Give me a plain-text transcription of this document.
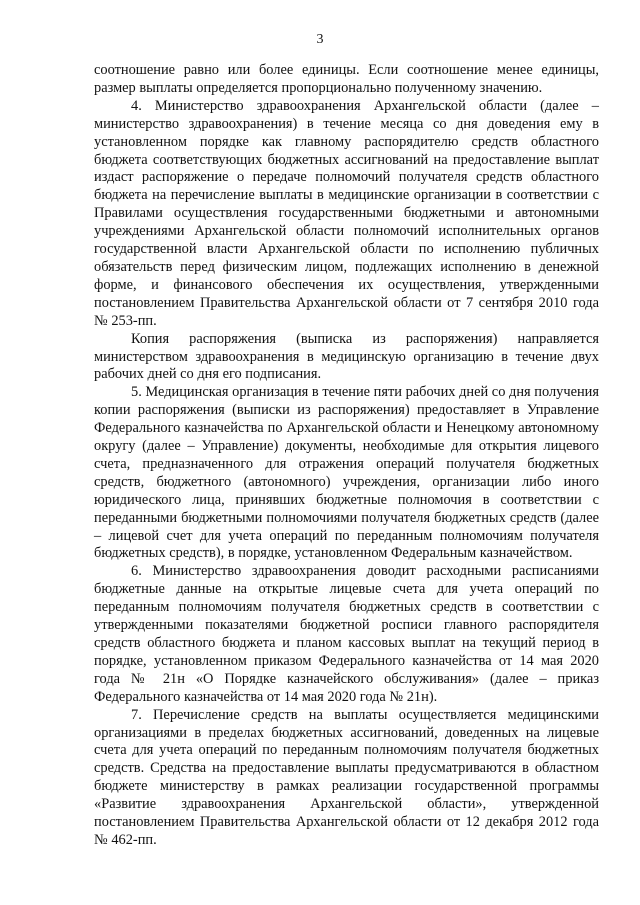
3

соотношение равно или более единицы. Если соотношение менее единицы, размер выплаты определяется пропорционально полученному значению.

4. Министерство здравоохранения Архангельской области (далее – министерство здравоохранения) в течение месяца со дня доведения ему в установленном порядке как главному распорядителю средств областного бюджета соответствующих бюджетных ассигнований на предоставление выплат издаст распоряжение о передаче полномочий получателя средств областного бюджета на перечисление выплаты в медицинские организации в соответствии с Правилами осуществления государственными бюджетными и автономными учреждениями Архангельской области полномочий исполнительных органов государственной власти Архангельской области по исполнению публичных обязательств перед физическим лицом, подлежащих исполнению в денежной форме, и финансового обеспечения их осуществления, утвержденными постановлением Правительства Архангельской области от 7 сентября 2010 года № 253-пп.

Копия распоряжения (выписка из распоряжения) направляется министерством здравоохранения в медицинскую организацию в течение двух рабочих дней со дня его подписания.

5. Медицинская организация в течение пяти рабочих дней со дня получения копии распоряжения (выписки из распоряжения) предоставляет в Управление Федерального казначейства по Архангельской области и Ненецкому автономному округу (далее – Управление) документы, необходимые для открытия лицевого счета, предназначенного для отражения операций получателя бюджетных средств, бюджетного (автономного) учреждения, организации либо иного юридического лица, принявших бюджетные полномочия в соответствии с переданными бюджетными полномочиями получателя бюджетных средств (далее – лицевой счет для учета операций по переданным полномочиям получателя бюджетных средств), в порядке, установленном Федеральным казначейством.

6. Министерство здравоохранения доводит расходными расписаниями бюджетные данные на открытые лицевые счета для учета операций по переданным полномочиям получателя бюджетных средств в соответствии с утвержденными показателями бюджетной росписи главного распорядителя средств областного бюджета и планом кассовых выплат на текущий период в порядке, установленном приказом Федерального казначейства от 14 мая 2020 года № 21н «О Порядке казначейского обслуживания» (далее – приказ Федерального казначейства от 14 мая 2020 года № 21н).

7. Перечисление средств на выплаты осуществляется медицинскими организациями в пределах бюджетных ассигнований, доведенных на лицевые счета для учета операций по переданным полномочиям получателя бюджетных средств. Средства на предоставление выплаты предусматриваются в областном бюджете министерству в рамках реализации государственной программы «Развитие здравоохранения Архангельской области», утвержденной постановлением Правительства Архангельской области от 12 декабря 2012 года № 462-пп.
